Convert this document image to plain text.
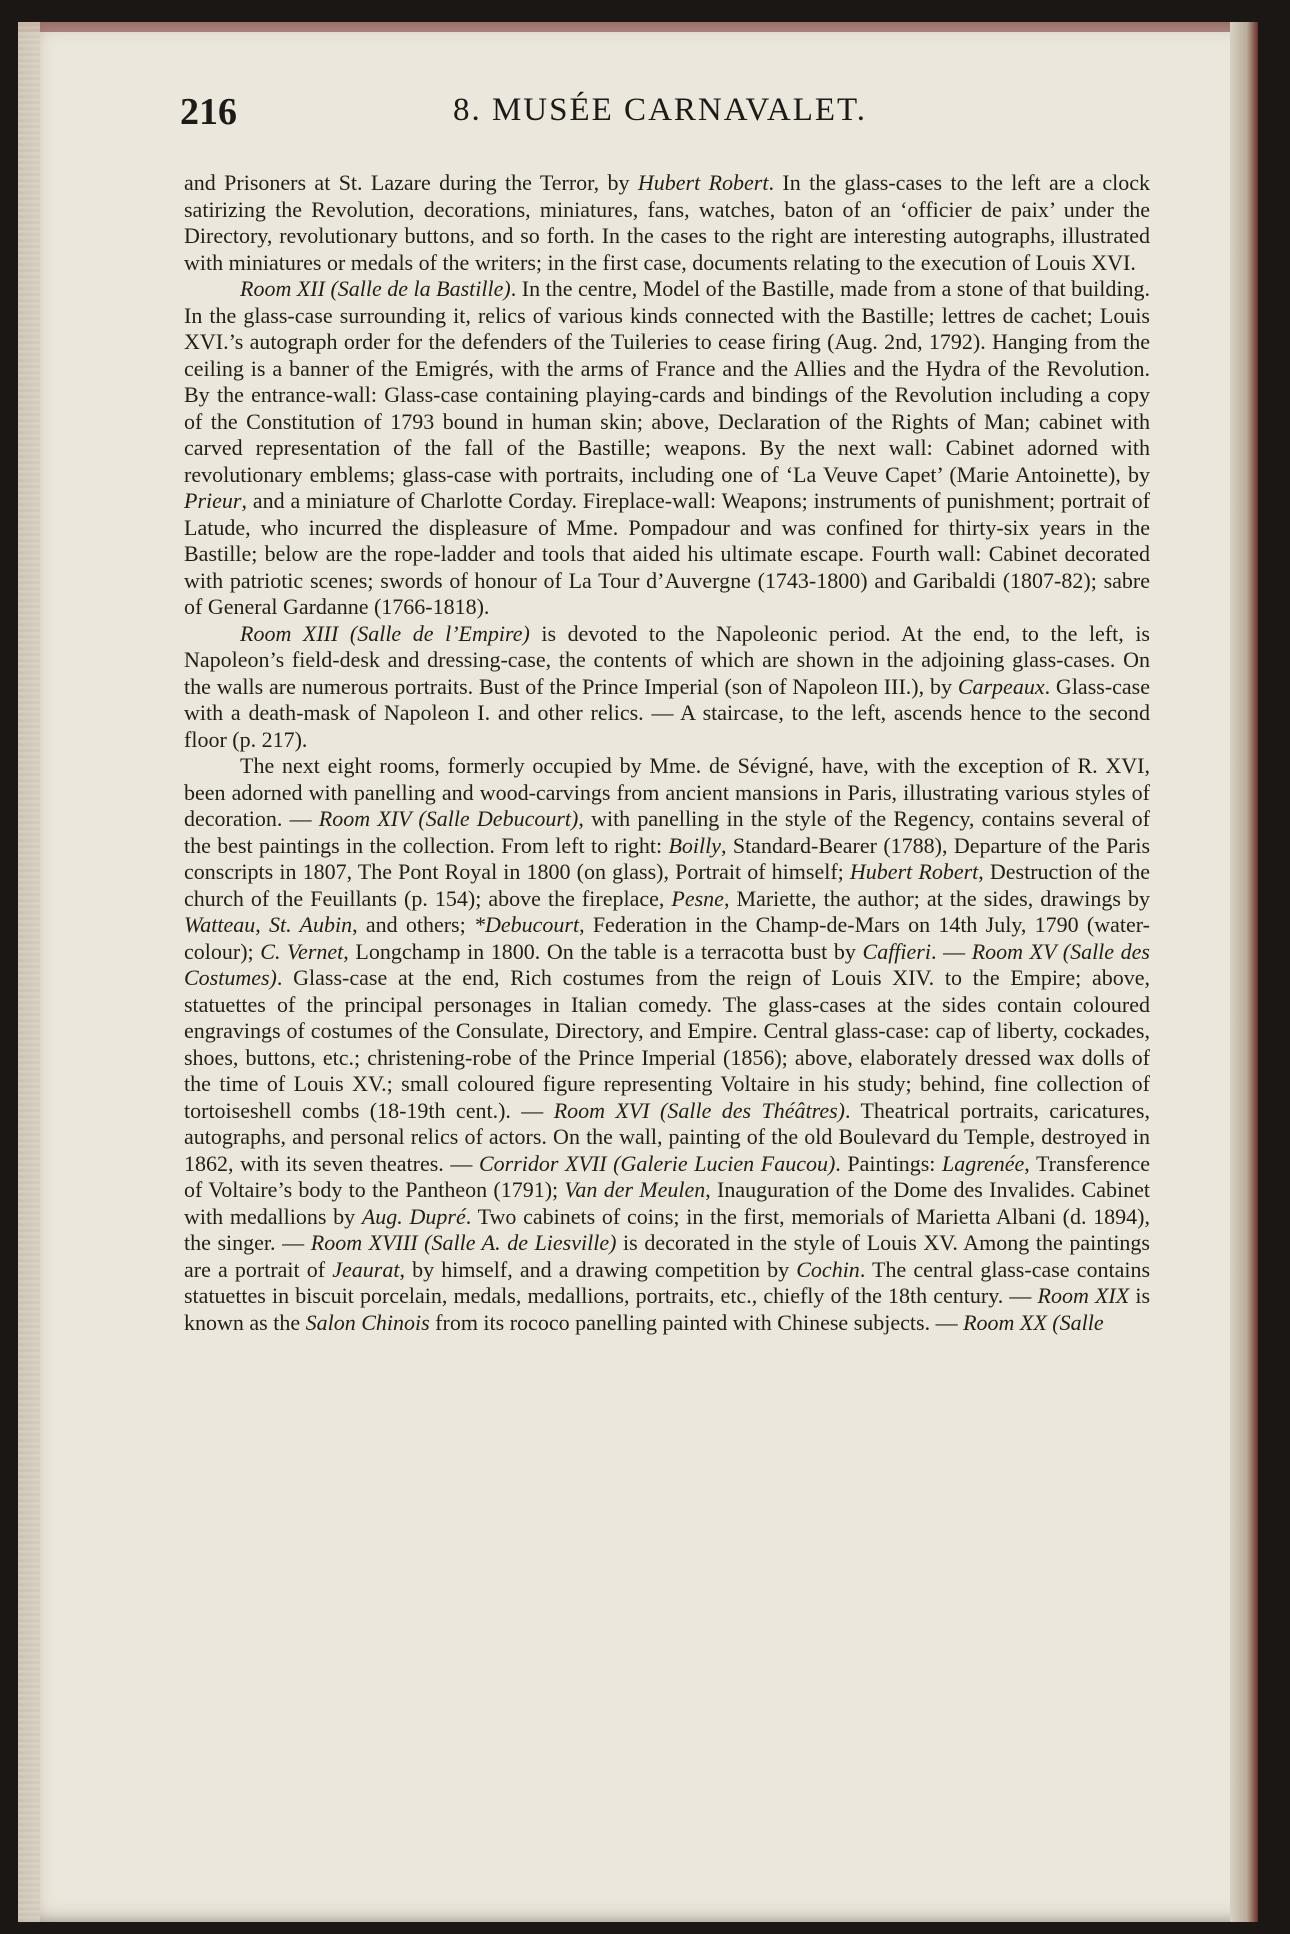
216	8. MUSÉE CARNAVALET.

and Prisoners at St. Lazare during the Terror, by Hubert Robert. In the glass-cases to the left are a clock satirizing the Revolution, decorations, miniatures, fans, watches, baton of an ‘officier de paix’ under the Directory, revolutionary buttons, and so forth. In the cases to the right are interesting autographs, illustrated with miniatures or medals of the writers; in the first case, documents relating to the execution of Louis XVI.

Room XII (Salle de la Bastille). In the centre, Model of the Bastille, made from a stone of that building. In the glass-case surrounding it, relics of various kinds connected with the Bastille; lettres de cachet; Louis XVI.’s autograph order for the defenders of the Tuileries to cease firing (Aug. 2nd, 1792). Hanging from the ceiling is a banner of the Emigrés, with the arms of France and the Allies and the Hydra of the Revolution. By the entrance-wall: Glass-case containing playing-cards and bindings of the Revolution including a copy of the Constitution of 1793 bound in human skin; above, Declaration of the Rights of Man; cabinet with carved representation of the fall of the Bastille; weapons. By the next wall: Cabinet adorned with revolutionary emblems; glass-case with portraits, including one of ‘La Veuve Capet’ (Marie Antoinette), by Prieur, and a miniature of Charlotte Corday. Fireplace-wall: Weapons; instruments of punishment; portrait of Latude, who incurred the displeasure of Mme. Pompadour and was confined for thirty-six years in the Bastille; below are the rope-ladder and tools that aided his ultimate escape. Fourth wall: Cabinet decorated with patriotic scenes; swords of honour of La Tour d’Auvergne (1743-1800) and Garibaldi (1807-82); sabre of General Gardanne (1766-1818).

Room XIII (Salle de l’Empire) is devoted to the Napoleonic period. At the end, to the left, is Napoleon’s field-desk and dressing-case, the contents of which are shown in the adjoining glass-cases. On the walls are numerous portraits. Bust of the Prince Imperial (son of Napoleon III.), by Carpeaux. Glass-case with a death-mask of Napoleon I. and other relics. — A staircase, to the left, ascends hence to the second floor (p. 217).

The next eight rooms, formerly occupied by Mme. de Sévigné, have, with the exception of R. XVI, been adorned with panelling and wood-carvings from ancient mansions in Paris, illustrating various styles of decoration. — Room XIV (Salle Debucourt), with panelling in the style of the Regency, contains several of the best paintings in the collection. From left to right: Boilly, Standard-Bearer (1788), Departure of the Paris conscripts in 1807, The Pont Royal in 1800 (on glass), Portrait of himself; Hubert Robert, Destruction of the church of the Feuillants (p. 154); above the fireplace, Pesne, Mariette, the author; at the sides, drawings by Watteau, St. Aubin, and others; *Debucourt, Federation in the Champ-de-Mars on 14th July, 1790 (water-colour); C. Vernet, Longchamp in 1800. On the table is a terracotta bust by Caffieri. — Room XV (Salle des Costumes). Glass-case at the end, Rich costumes from the reign of Louis XIV. to the Empire; above, statuettes of the principal personages in Italian comedy. The glass-cases at the sides contain coloured engravings of costumes of the Consulate, Directory, and Empire. Central glass-case: cap of liberty, cockades, shoes, buttons, etc.; christening-robe of the Prince Imperial (1856); above, elaborately dressed wax dolls of the time of Louis XV.; small coloured figure representing Voltaire in his study; behind, fine collection of tortoiseshell combs (18-19th cent.). — Room XVI (Salle des Théâtres). Theatrical portraits, caricatures, autographs, and personal relics of actors. On the wall, painting of the old Boulevard du Temple, destroyed in 1862, with its seven theatres. — Corridor XVII (Galerie Lucien Faucou). Paintings: Lagrenée, Transference of Voltaire’s body to the Pantheon (1791); Van der Meulen, Inauguration of the Dome des Invalides. Cabinet with medallions by Aug. Dupré. Two cabinets of coins; in the first, memorials of Marietta Albani (d. 1894), the singer. — Room XVIII (Salle A. de Liesville) is decorated in the style of Louis XV. Among the paintings are a portrait of Jeaurat, by himself, and a drawing competition by Cochin. The central glass-case contains statuettes in biscuit porcelain, medals, medallions, portraits, etc., chiefly of the 18th century. — Room XIX is known as the Salon Chinois from its rococo panelling painted with Chinese subjects. — Room XX (Salle
